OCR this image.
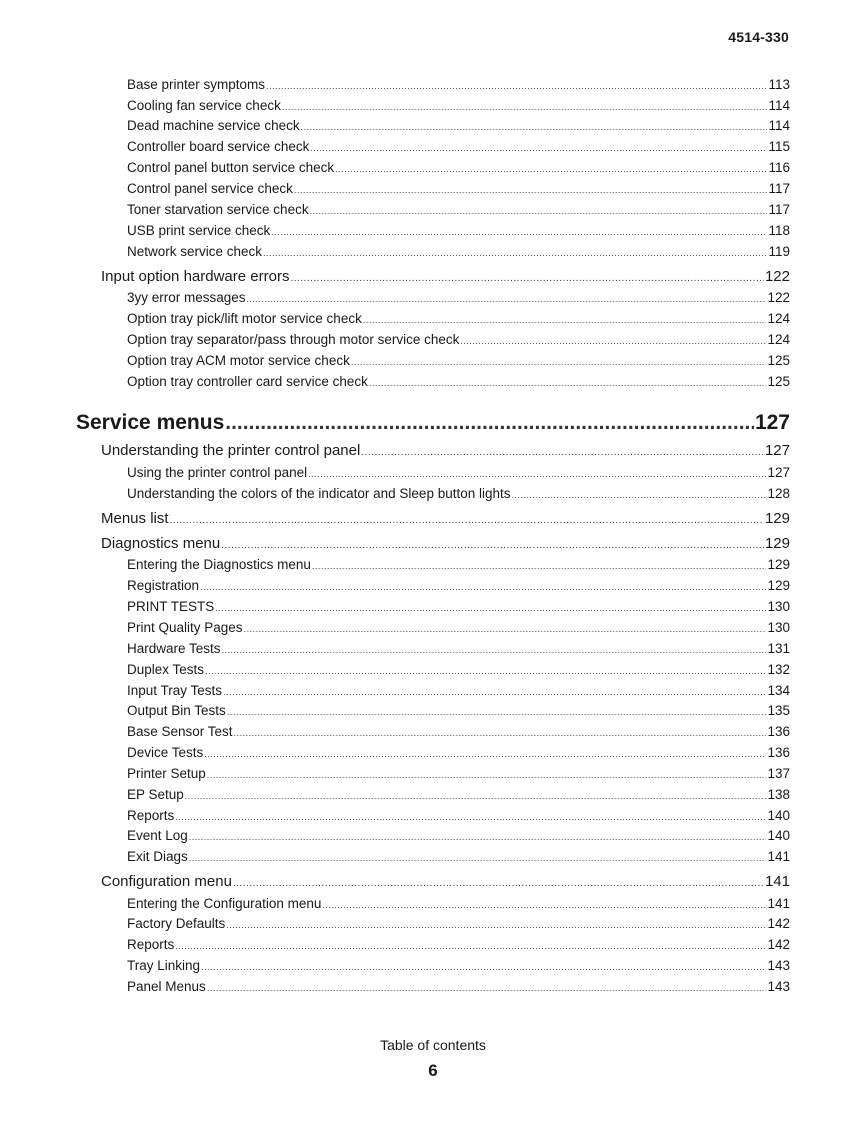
4514-330
Base printer symptoms .....	113
Cooling fan service check .....	114
Dead machine service check .....	114
Controller board service check .....	115
Control panel button service check .....	116
Control panel service check .....	117
Toner starvation service check .....	117
USB print service check .....	118
Network service check .....	119
Input option hardware errors .....	122
3yy error messages .....	122
Option tray pick/lift motor service check .....	124
Option tray separator/pass through motor service check .....	124
Option tray ACM motor service check .....	125
Option tray controller card service check .....	125
Service menus .....	127
Understanding the printer control panel .....	127
Using the printer control panel .....	127
Understanding the colors of the indicator and Sleep button lights .....	128
Menus list .....	129
Diagnostics menu .....	129
Entering the Diagnostics menu .....	129
Registration .....	129
PRINT TESTS .....	130
Print Quality Pages .....	130
Hardware Tests .....	131
Duplex Tests .....	132
Input Tray Tests .....	134
Output Bin Tests .....	135
Base Sensor Test .....	136
Device Tests .....	136
Printer Setup .....	137
EP Setup .....	138
Reports .....	140
Event Log .....	140
Exit Diags .....	141
Configuration menu .....	141
Entering the Configuration menu .....	141
Factory Defaults .....	142
Reports .....	142
Tray Linking .....	143
Panel Menus .....	143
Table of contents
6
